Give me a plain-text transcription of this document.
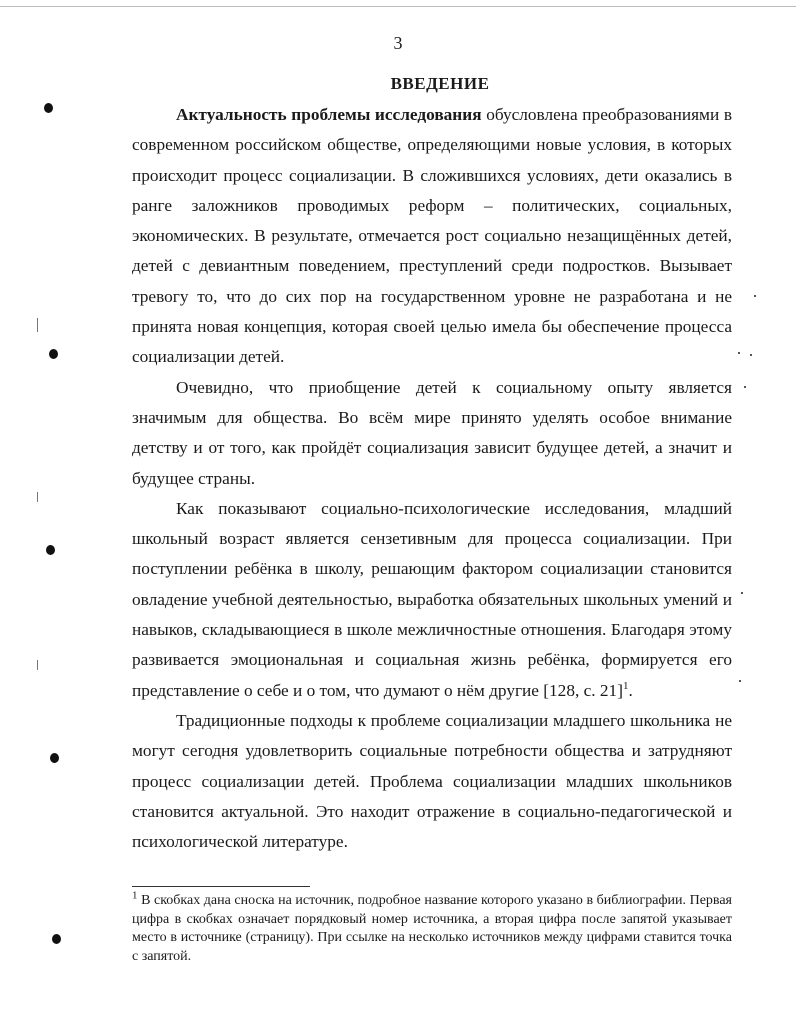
3
ВВЕДЕНИЕ

Актуальность проблемы исследования обусловлена преобразованиями в современном российском обществе, определяющими новые условия, в которых происходит процесс социализации. В сложившихся условиях, дети оказались в ранге заложников проводимых реформ – политических, социальных, экономических. В результате, отмечается рост социально незащищённых детей, детей с девиантным поведением, преступлений среди подростков. Вызывает тревогу то, что до сих пор на государственном уровне не разработана и не принята новая концепция, которая своей целью имела бы обеспечение процесса социализации детей.

Очевидно, что приобщение детей к социальному опыту является значимым для общества. Во всём мире принято уделять особое внимание детству и от того, как пройдёт социализация зависит будущее детей, а значит и будущее страны.

Как показывают социально-психологические исследования, младший школьный возраст является сензетивным для процесса социализации. При поступлении ребёнка в школу, решающим фактором социализации становится овладение учебной деятельностью, выработка обязательных школьных умений и навыков, складывающиеся в школе межличностные отношения. Благодаря этому развивается эмоциональная и социальная жизнь ребёнка, формируется его представление о себе и о том, что думают о нём другие [128, с. 21]$^1$.

Традиционные подходы к проблеме социализации младшего школьника не могут сегодня удовлетворить социальные потребности общества и затрудняют процесс социализации детей. Проблема социализации младших школьников становится актуальной. Это находит отражение в социально-педагогической и психологической литературе.

$^1$ В скобках дана сноска на источник, подробное название которого указано в библиографии. Первая цифра в скобках означает порядковый номер источника, а вторая цифра после запятой указывает место в источнике (страницу). При ссылке на несколько источников между цифрами ставится точка с запятой.
